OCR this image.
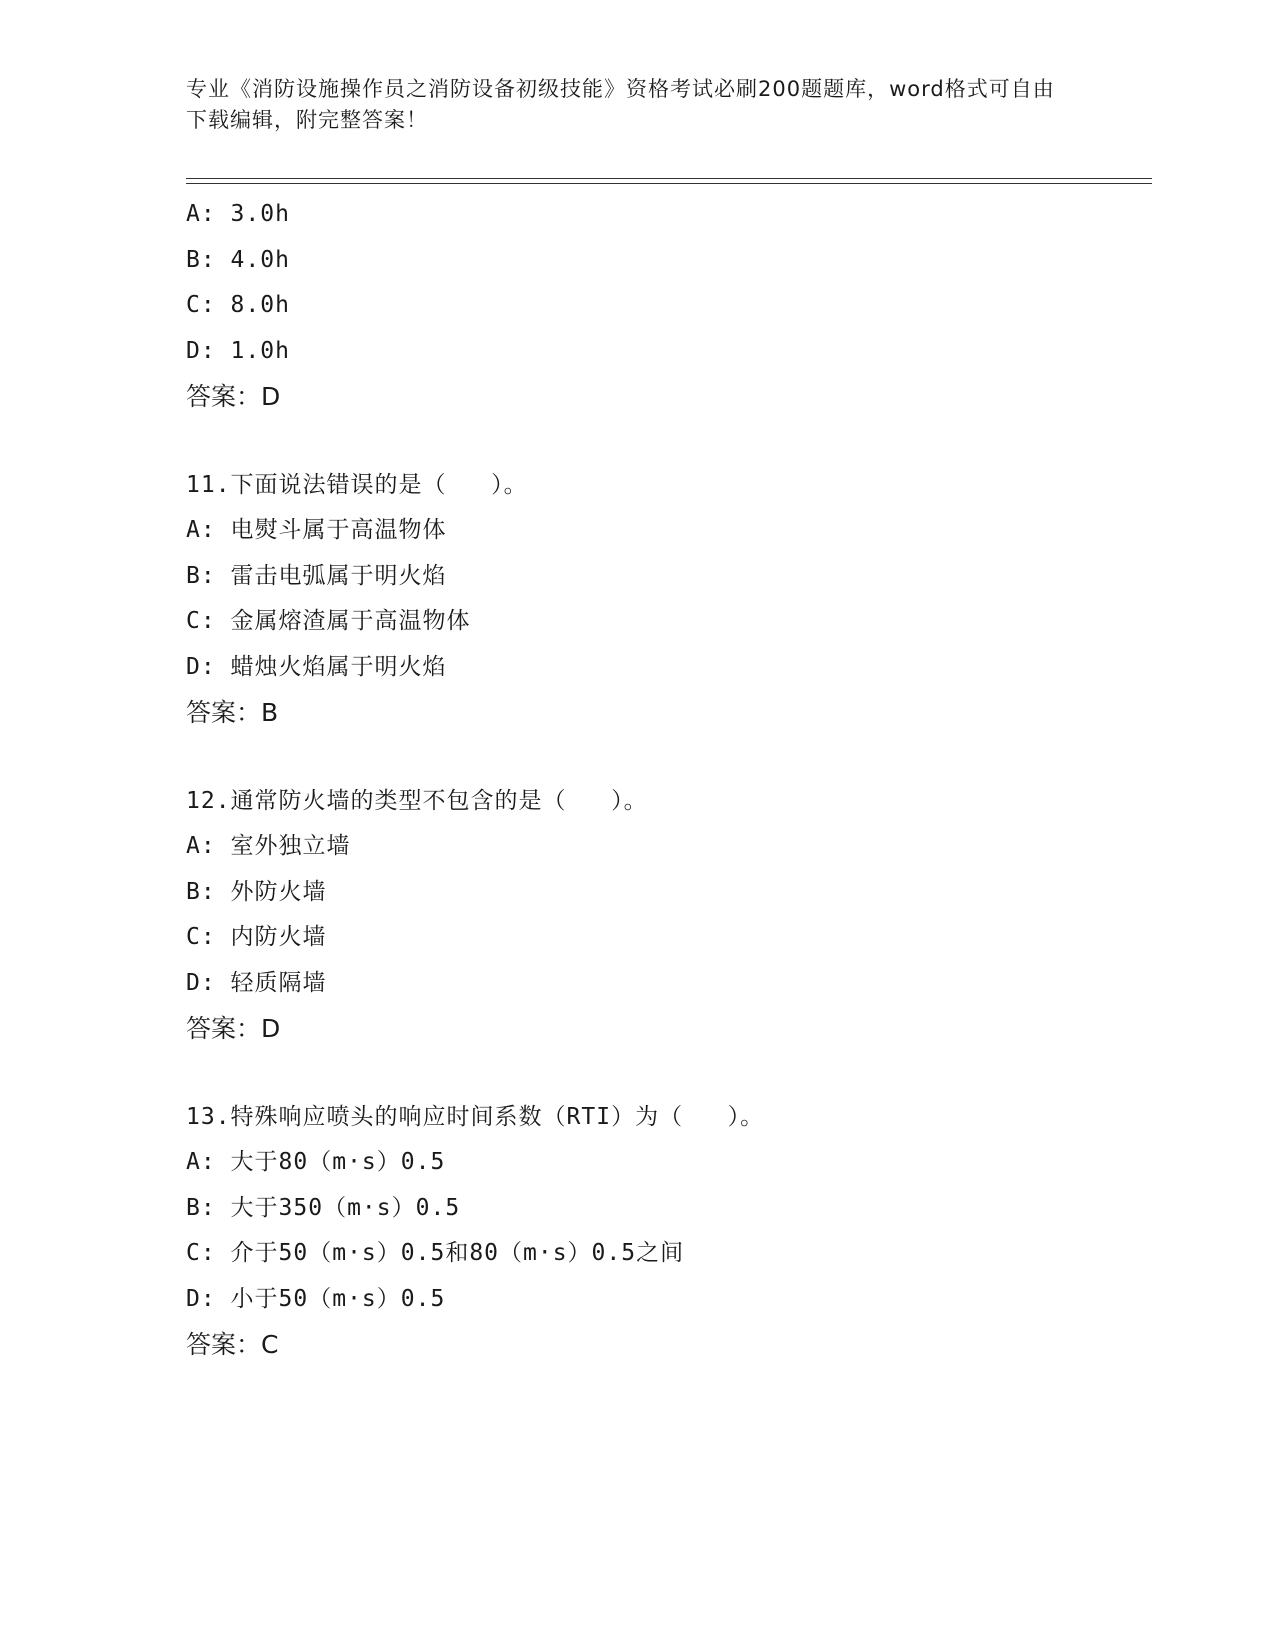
专业《消防设施操作员之消防设备初级技能》资格考试必刷200题题库，word格式可自由下载编辑，附完整答案！
A: 3.0h
B: 4.0h
C: 8.0h
D: 1.0h
答案：D
11.下面说法错误的是（   ）。
A: 电熨斗属于高温物体
B: 雷击电弧属于明火焰
C: 金属熔渣属于高温物体
D: 蜡烛火焰属于明火焰
答案：B
12.通常防火墙的类型不包含的是（   ）。
A: 室外独立墙
B: 外防火墙
C: 内防火墙
D: 轻质隔墙
答案：D
13.特殊响应喷头的响应时间系数（RTI）为（   ）。
A: 大于80（m·s）0.5
B: 大于350（m·s）0.5
C: 介于50（m·s）0.5和80（m·s）0.5之间
D: 小于50（m·s）0.5
答案：C
